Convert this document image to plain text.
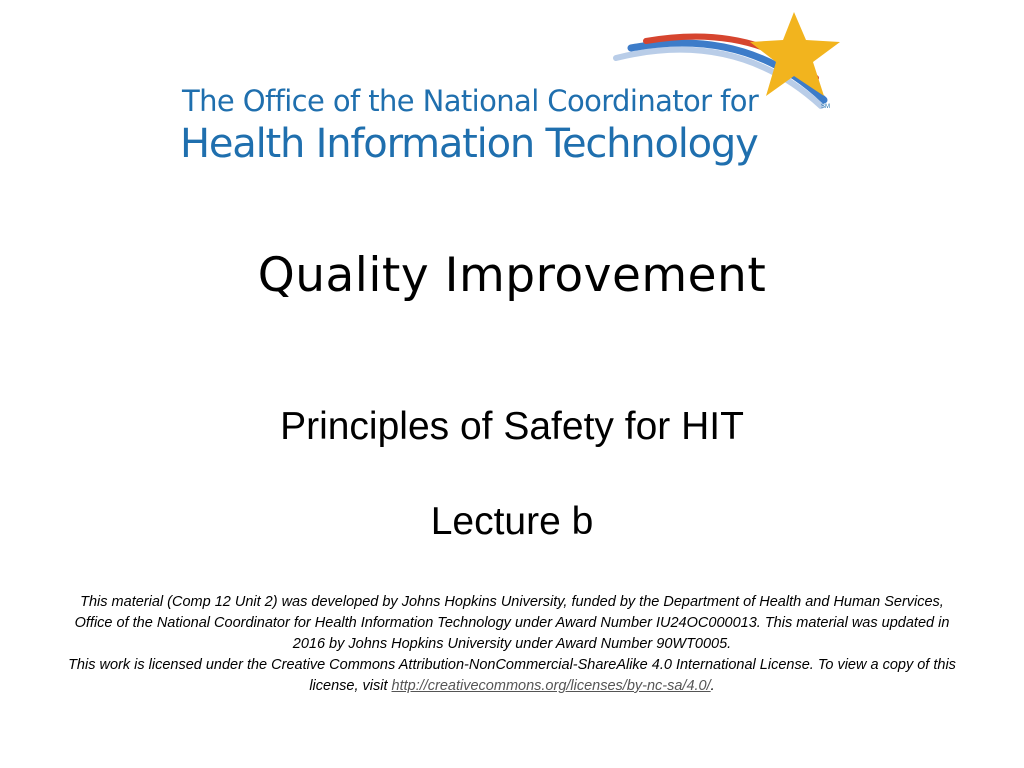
The Office of the National Coordinator for
Health Information Technology
SM
Quality Improvement
Principles of Safety for HIT
Lecture b

This material (Comp 12 Unit 2) was developed by Johns Hopkins University, funded by the Department of Health and Human Services, Office of the National Coordinator for Health Information Technology under Award Number IU24OC000013. This material was updated in 2016 by Johns Hopkins University under Award Number 90WT0005.

This work is licensed under the Creative Commons Attribution-NonCommercial-ShareAlike 4.0 International License. To view a copy of this license, visit http://creativecommons.org/licenses/by-nc-sa/4.0/.
